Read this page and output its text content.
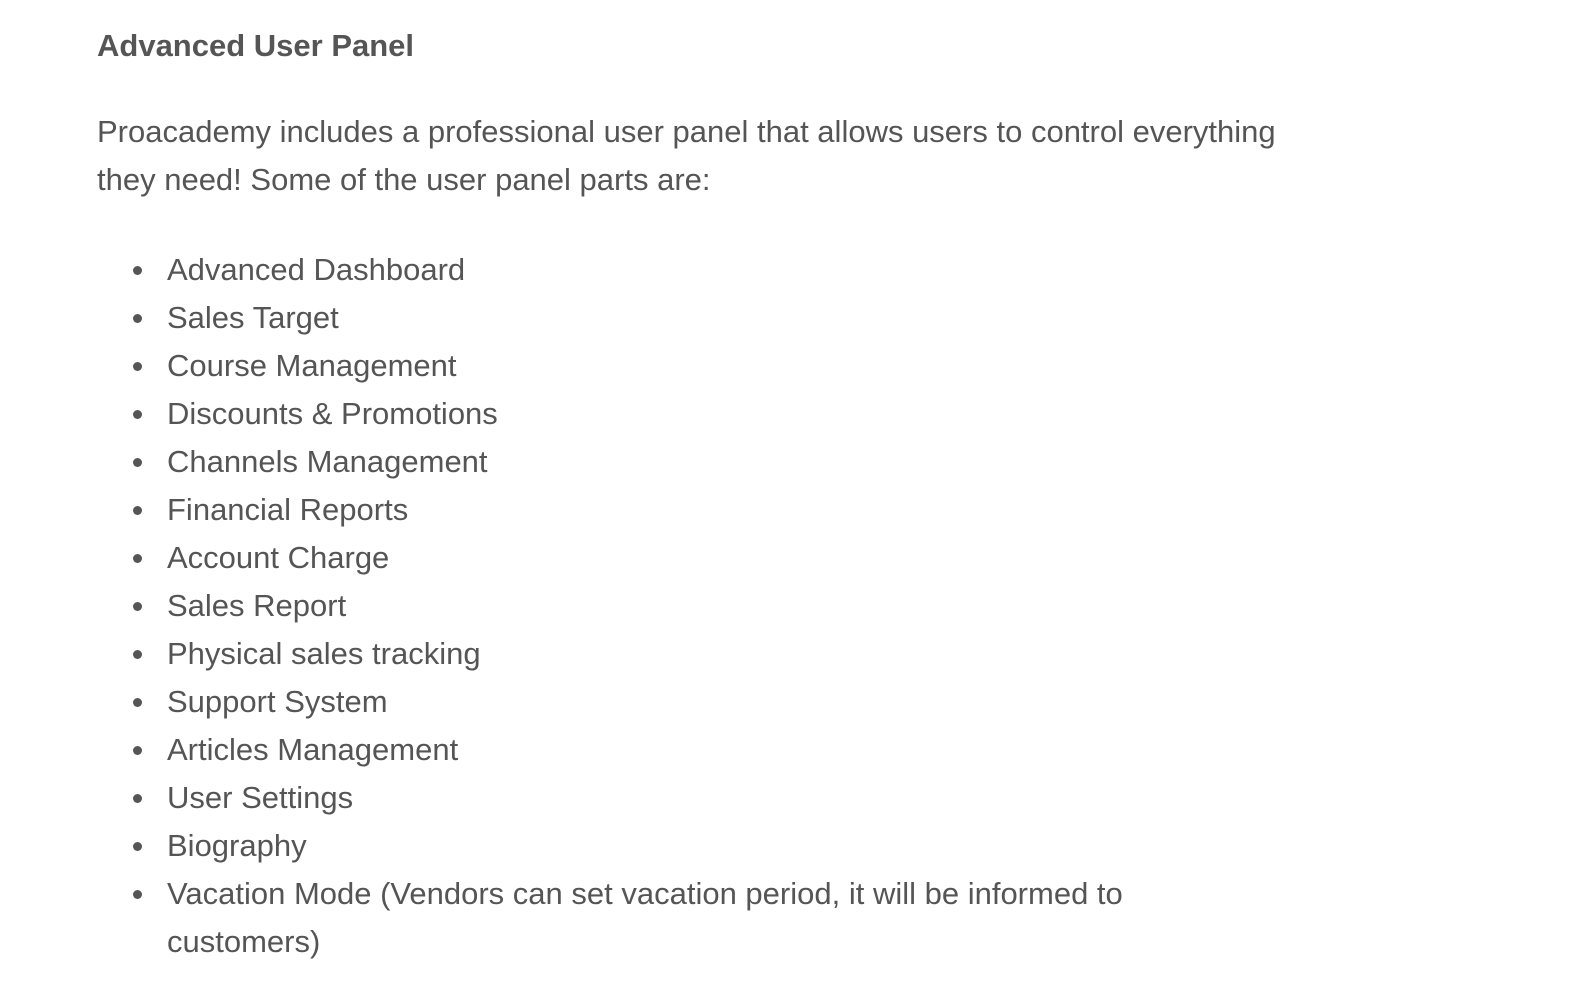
Advanced User Panel

Proacademy includes a professional user panel that allows users to control everything they need! Some of the user panel parts are:

Advanced Dashboard
Sales Target
Course Management
Discounts & Promotions
Channels Management
Financial Reports
Account Charge
Sales Report
Physical sales tracking
Support System
Articles Management
User Settings
Biography
Vacation Mode (Vendors can set vacation period, it will be informed to customers)
